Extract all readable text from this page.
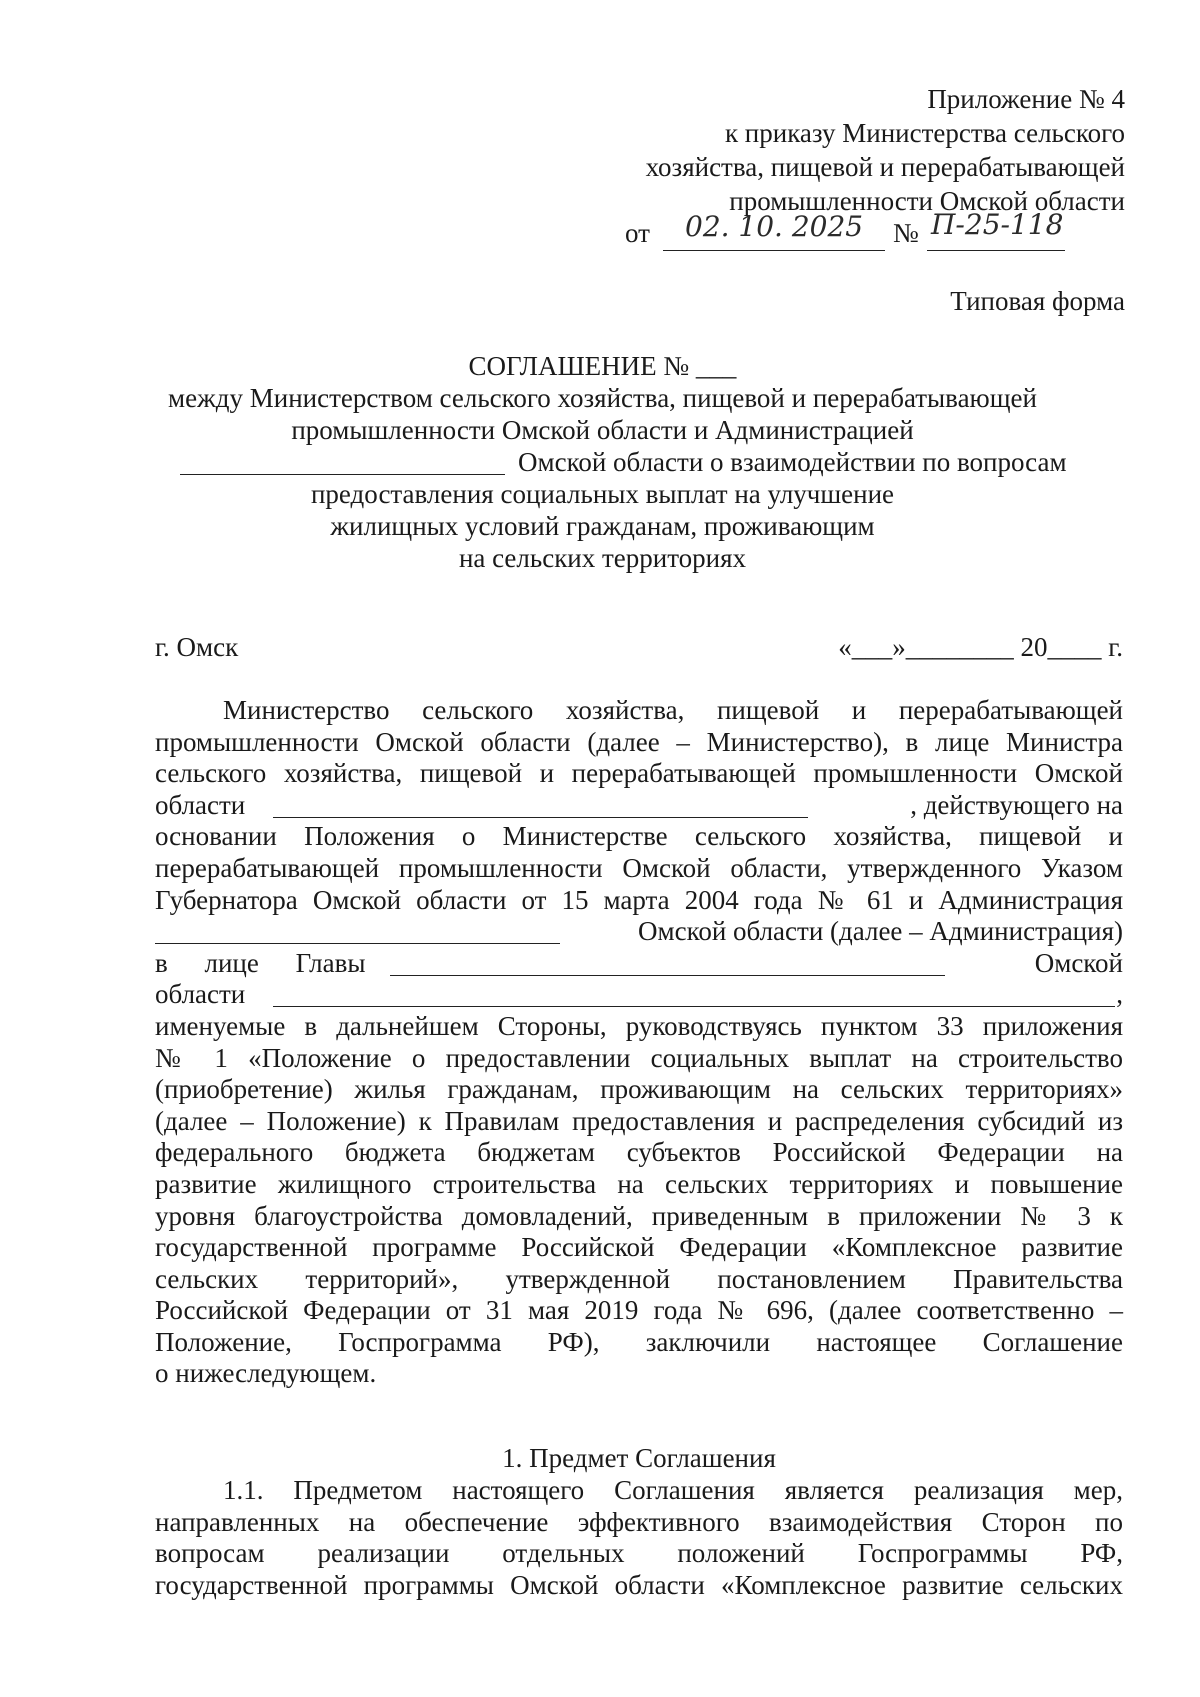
Приложение № 4
к приказу Министерства сельского
хозяйства, пищевой и перерабатывающей
промышленности Омской области
от 02. 10. 2025 № П-25-118
Типовая форма
СОГЛАШЕНИЕ № ___
между Министерством сельского хозяйства, пищевой и перерабатывающей
промышленности Омской области и Администрацией
Омской области о взаимодействии по вопросам
предоставления социальных выплат на улучшение
жилищных условий гражданам, проживающим
на сельских территориях
г. Омск	«___»________ 20____ г.
Министерство сельского хозяйства, пищевой и перерабатывающей
промышленности Омской области (далее – Министерство), в лице Министра
сельского хозяйства, пищевой и перерабатывающей промышленности Омской
области	, действующего на
основании Положения о Министерстве сельского хозяйства, пищевой и
перерабатывающей промышленности Омской области, утвержденного Указом
Губернатора Омской области от 15 марта 2004 года № 61 и Администрация
Омской области (далее – Администрация)
в лице Главы	Омской
области	,
именуемые в дальнейшем Стороны, руководствуясь пунктом 33 приложения
№ 1 «Положение о предоставлении социальных выплат на строительство
(приобретение) жилья гражданам, проживающим на сельских территориях»
(далее – Положение) к Правилам предоставления и распределения субсидий из
федерального бюджета бюджетам субъектов Российской Федерации на
развитие жилищного строительства на сельских территориях и повышение
уровня благоустройства домовладений, приведенным в приложении № 3 к
государственной программе Российской Федерации «Комплексное развитие
сельских территорий», утвержденной постановлением Правительства
Российской Федерации от 31 мая 2019 года № 696, (далее соответственно –
Положение, Госпрограмма РФ), заключили настоящее Соглашение
о нижеследующем.
1. Предмет Соглашения
1.1. Предметом настоящего Соглашения является реализация мер,
направленных на обеспечение эффективного взаимодействия Сторон по
вопросам реализации отдельных положений Госпрограммы РФ,
государственной программы Омской области «Комплексное развитие сельских
